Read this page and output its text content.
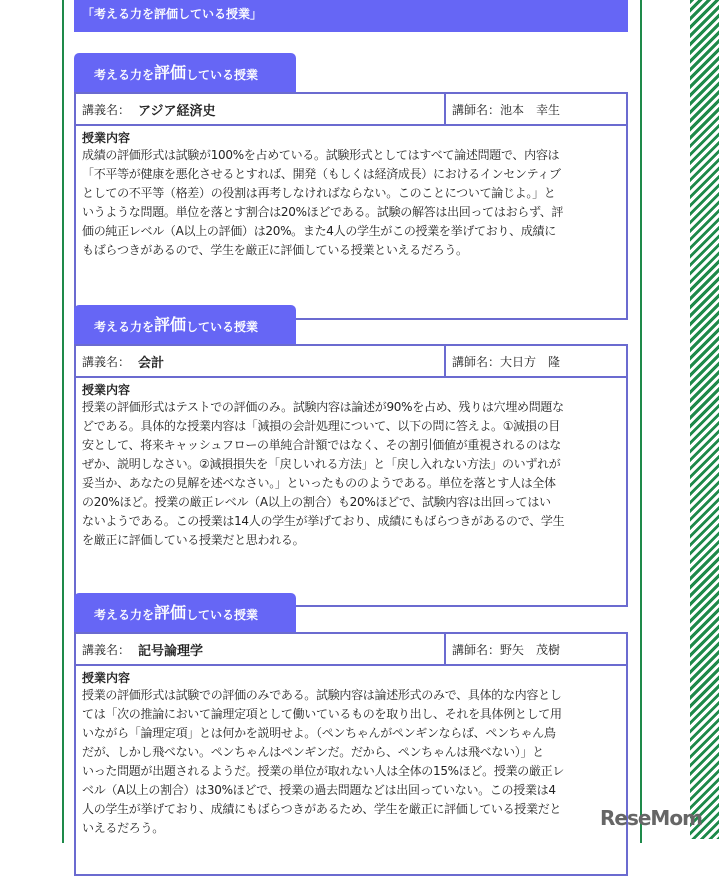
「考える力を評価している授業」
考える力を 評価 している授業
講義名： アジア経済史	講師名：池本　幸生
授業内容
成績の評価形式は試験が100%を占めている。試験形式としてはすべて論述問題で、内容は
「不平等が健康を悪化させるとすれば、開発（もしくは経済成長）におけるインセンティブ
としての不平等（格差）の役割は再考しなければならない。このことについて論じよ。」と
いうような問題。単位を落とす割合は20%ほどである。試験の解答は出回ってはおらず、評
価の純正レベル（A以上の評価）は20%。また4人の学生がこの授業を挙げており、成績に
もばらつきがあるので、学生を厳正に評価している授業といえるだろう。
考える力を 評価 している授業
講義名： 会計	講師名：大日方　隆
授業内容
授業の評価形式はテストでの評価のみ。試験内容は論述が90%を占め、残りは穴埋め問題な
どである。具体的な授業内容は「減損の会計処理について、以下の問に答えよ。①減損の目
安として、将来キャッシュフローの単純合計額ではなく、その割引価値が重視されるのはな
ぜか、説明しなさい。②減損損失を「戻しいれる方法」と「戻し入れない方法」のいずれが
妥当か、あなたの見解を述べなさい。」といったもののようである。単位を落とす人は全体
の20%ほど。授業の厳正レベル（A以上の割合）も20%ほどで、試験内容は出回ってはい
ないようである。この授業は14人の学生が挙げており、成績にもばらつきがあるので、学生
を厳正に評価している授業だと思われる。
考える力を 評価 している授業
講義名： 記号論理学	講師名：野矢　茂樹
授業内容
授業の評価形式は試験での評価のみである。試験内容は論述形式のみで、具体的な内容とし
ては「次の推論において論理定項として働いているものを取り出し、それを具体例として用
いながら「論理定項」とは何かを説明せよ。（ペンちゃんがペンギンならば、ペンちゃん鳥
だが、しかし飛べない。ペンちゃんはペンギンだ。だから、ペンちゃんは飛べない）」と
いった問題が出題されるようだ。授業の単位が取れない人は全体の15%ほど。授業の厳正レ
ベル（A以上の割合）は30%ほどで、授業の過去問題などは出回っていない。この授業は4
人の学生が挙げており、成績にもばらつきがあるため、学生を厳正に評価している授業だと
いえるだろう。	ReseMom
